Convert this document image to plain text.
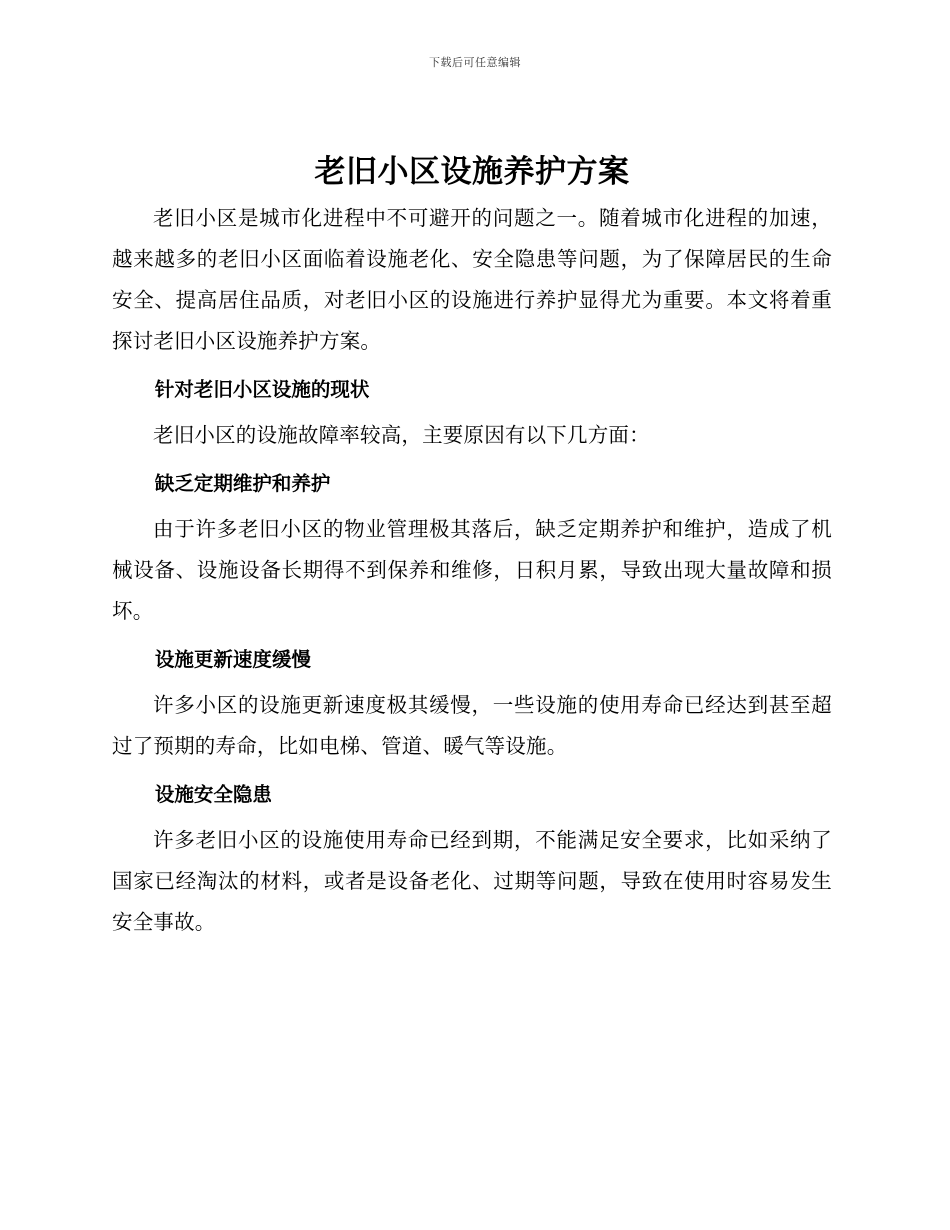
下载后可任意编辑
老旧小区设施养护方案

老旧小区是城市化进程中不可避开的问题之一。随着城市化进程的加速，越来越多的老旧小区面临着设施老化、安全隐患等问题，为了保障居民的生命安全、提高居住品质，对老旧小区的设施进行养护显得尤为重要。本文将着重探讨老旧小区设施养护方案。

针对老旧小区设施的现状

老旧小区的设施故障率较高，主要原因有以下几方面：

缺乏定期维护和养护

由于许多老旧小区的物业管理极其落后，缺乏定期养护和维护，造成了机械设备、设施设备长期得不到保养和维修，日积月累，导致出现大量故障和损坏。

设施更新速度缓慢

许多小区的设施更新速度极其缓慢，一些设施的使用寿命已经达到甚至超过了预期的寿命，比如电梯、管道、暖气等设施。

设施安全隐患

许多老旧小区的设施使用寿命已经到期，不能满足安全要求，比如采纳了国家已经淘汰的材料，或者是设备老化、过期等问题，导致在使用时容易发生安全事故。
